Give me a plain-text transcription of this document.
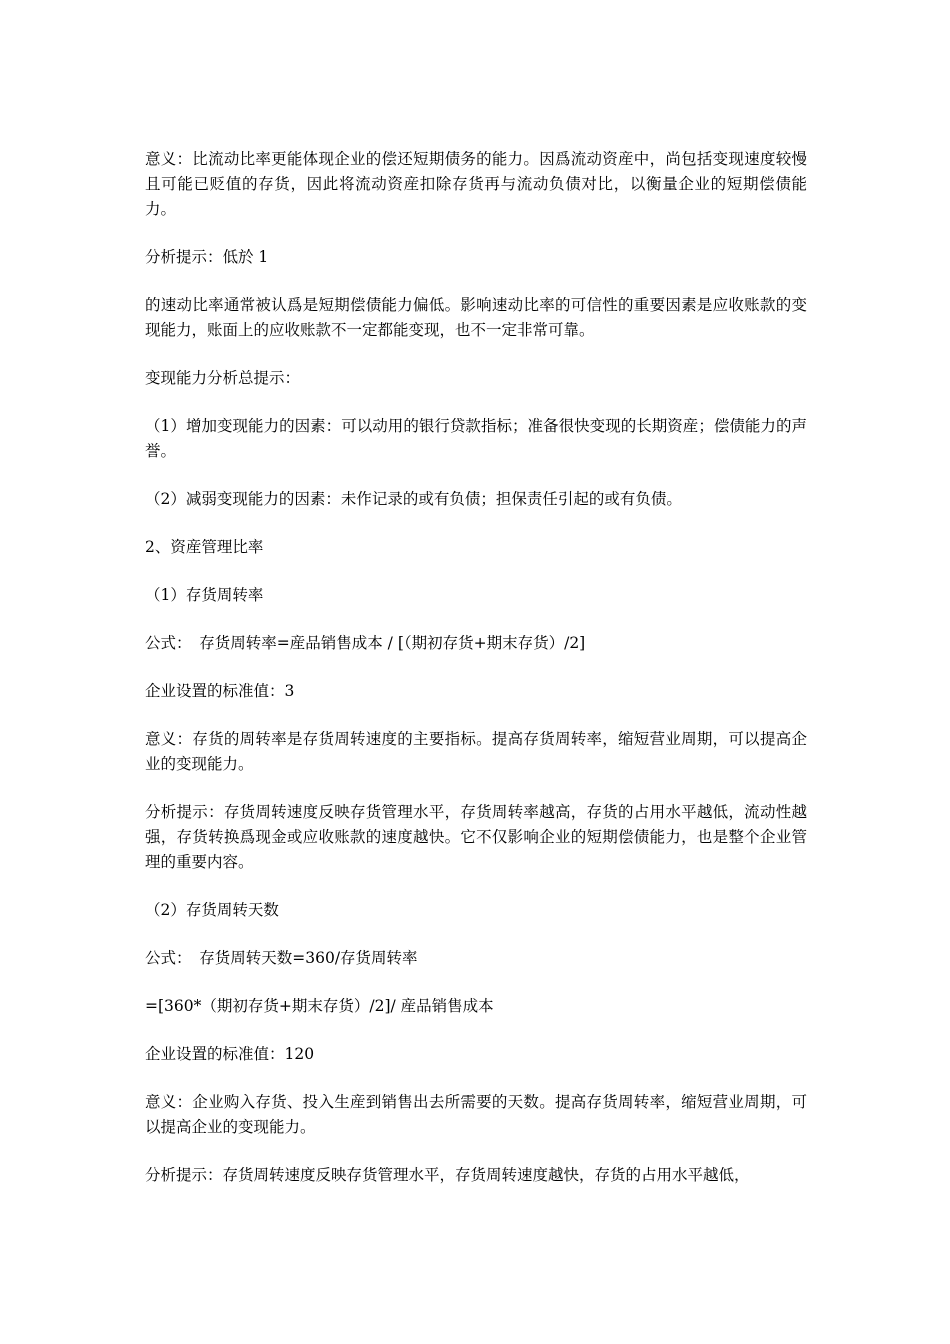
意义：比流动比率更能体现企业的偿还短期债务的能力。因爲流动资産中，尚包括变现速度较慢且可能已贬值的存货，因此将流动资産扣除存货再与流动负债对比，以衡量企业的短期偿债能力。

分析提示：低於 1

的速动比率通常被认爲是短期偿债能力偏低。影响速动比率的可信性的重要因素是应收账款的变现能力，账面上的应收账款不一定都能变现，也不一定非常可靠。

变现能力分析总提示：

（1）增加变现能力的因素：可以动用的银行贷款指标；准备很快变现的长期资産；偿债能力的声誉。

（2）减弱变现能力的因素：未作记录的或有负债；担保责任引起的或有负债。

2、资産管理比率

（1）存货周转率

公式：　存货周转率=産品销售成本 / [（期初存货+期末存货）/2]

企业设置的标准值：3

意义：存货的周转率是存货周转速度的主要指标。提高存货周转率，缩短营业周期，可以提高企业的变现能力。

分析提示：存货周转速度反映存货管理水平，存货周转率越高，存货的占用水平越低，流动性越强，存货转换爲现金或应收账款的速度越快。它不仅影响企业的短期偿债能力，也是整个企业管理的重要内容。

（2）存货周转天数

公式：　存货周转天数=360/存货周转率

=[360*（期初存货+期末存货）/2]/ 産品销售成本

企业设置的标准值：120

意义：企业购入存货、投入生産到销售出去所需要的天数。提高存货周转率，缩短营业周期，可以提高企业的变现能力。

分析提示：存货周转速度反映存货管理水平，存货周转速度越快，存货的占用水平越低，
